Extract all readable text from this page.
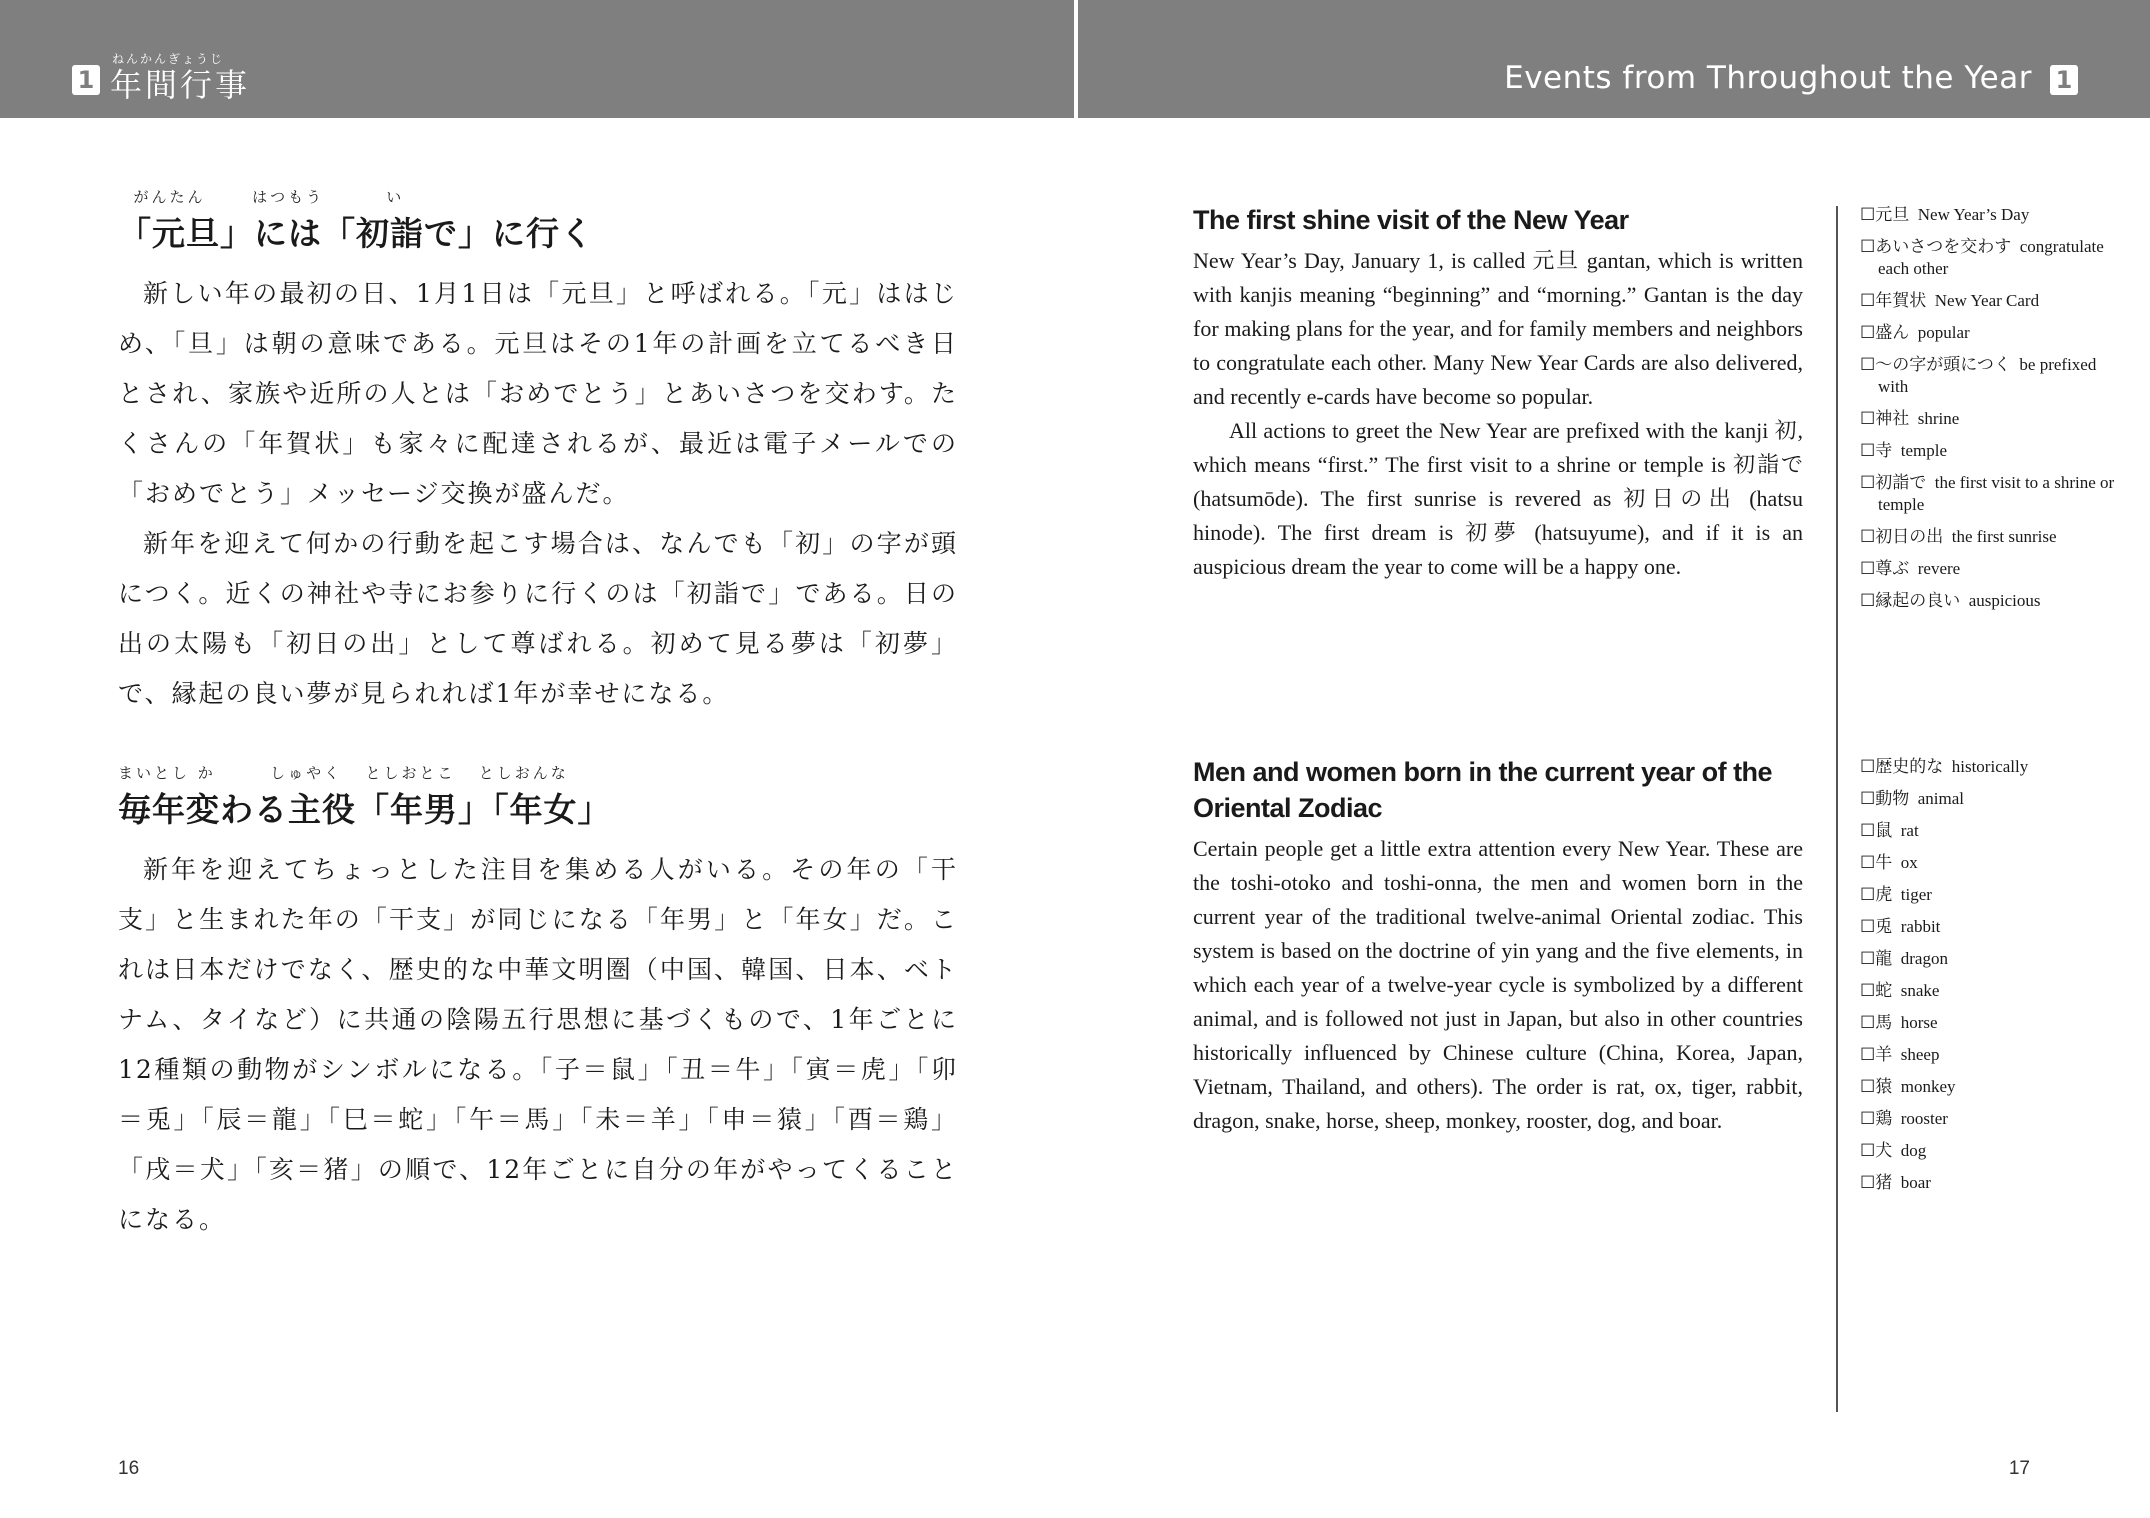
1
ねんかんぎょうじ
年間行事	Events from Throughout the Year 1
がんたん      はつもう        い
「元旦」には「初詣で」に行く

新しい年の最初の日、1月1日は「元旦」と呼ばれる。「元」ははじめ、「旦」は朝の意味である。元旦はその1年の計画を立てるべき日とされ、家族や近所の人とは「おめでとう」とあいさつを交わす。たくさんの「年賀状」も家々に配達されるが、最近は電子メールでの「おめでとう」メッセージ交換が盛んだ。

新年を迎えて何かの行動を起こす場合は、なんでも「初」の字が頭につく。近くの神社や寺にお参りに行くのは「初詣で」である。日の出の太陽も「初日の出」として尊ばれる。初めて見る夢は「初夢」で、縁起の良い夢が見られれば1年が幸せになる。

まいとし か       しゅやく   としおとこ   としおんな
毎年変わる主役「年男」「年女」

新年を迎えてちょっとした注目を集める人がいる。その年の「干支」と生まれた年の「干支」が同じになる「年男」と「年女」だ。これは日本だけでなく、歴史的な中華文明圏（中国、韓国、日本、ベトナム、タイなど）に共通の陰陽五行思想に基づくもので、1年ごとに12種類の動物がシンボルになる。「子＝鼠」「丑＝牛」「寅＝虎」「卯＝兎」「辰＝龍」「巳＝蛇」「午＝馬」「未＝羊」「申＝猿」「酉＝鶏」「戌＝犬」「亥＝猪」の順で、12年ごとに自分の年がやってくることになる。

The first shine visit of the New Year

New Year’s Day, January 1, is called 元旦 gantan, which is written with kanjis meaning “beginning” and “morning.” Gantan is the day for making plans for the year, and for family members and neighbors to congratulate each other. Many New Year Cards are also delivered, and recently e-cards have become so popular.

All actions to greet the New Year are prefixed with the kanji 初, which means “first.” The first visit to a shrine or temple is 初詣で (hatsumōde). The first sunrise is revered as 初日の出 (hatsu hinode). The first dream is 初夢 (hatsuyume), and if it is an auspicious dream the year to come will be a happy one.

Men and women born in the current year of the Oriental Zodiac

Certain people get a little extra attention every New Year. These are the toshi-otoko and toshi-onna, the men and women born in the current year of the traditional twelve-animal Oriental zodiac. This system is based on the doctrine of yin yang and the five elements, in which each year of a twelve-year cycle is symbolized by a different animal, and is followed not just in Japan, but also in other countries historically influenced by Chinese culture (China, Korea, Japan, Vietnam, Thailand, and others). The order is rat, ox, tiger, rabbit, dragon, snake, horse, sheep, monkey, rooster, dog, and boar.

☐元旦  New Year’s Day
☐あいさつを交わす  congratulate each other
☐年賀状  New Year Card
☐盛ん  popular
☐～の字が頭につく  be prefixed with
☐神社  shrine
☐寺  temple
☐初詣で  the first visit to a shrine or temple
☐初日の出  the first sunrise
☐尊ぶ  revere
☐縁起の良い  auspicious
☐歴史的な  historically
☐動物  animal
☐鼠  rat
☐牛  ox
☐虎  tiger
☐兎  rabbit
☐龍  dragon
☐蛇  snake
☐馬  horse
☐羊  sheep
☐猿  monkey
☐鶏  rooster
☐犬  dog
☐猪  boar
16	17
